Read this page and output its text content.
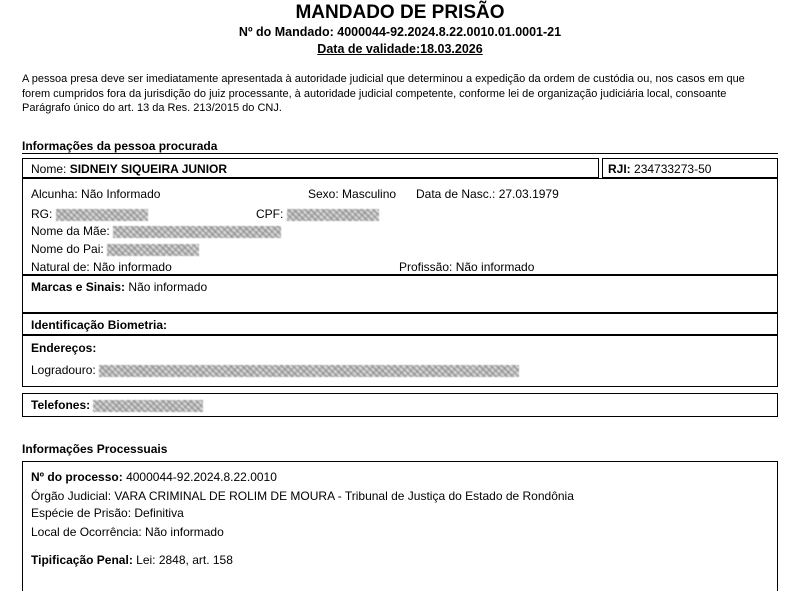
MANDADO DE PRISÃO
Nº do Mandado: 4000044-92.2024.8.22.0010.01.0001-21
Data de validade:18.03.2026
A pessoa presa deve ser imediatamente apresentada à autoridade judicial que determinou a expedição da ordem de custódia ou, nos casos em que forem cumpridos fora da jurisdição do juiz processante, à autoridade judicial competente, conforme lei de organização judiciária local, consoante Parágrafo único do art. 13 da Res. 213/2015 do CNJ.
Informações da pessoa procurada
Nome: SIDNEIY SIQUEIRA JUNIOR	RJI: 234733273-50
Alcunha: Não Informado	Sexo: Masculino Data de Nasc.: 27.03.1979
RG:	CPF:
Nome da Mãe:
Nome do Pai:
Natural de: Não informado	Profissão: Não informado
Marcas e Sinais: Não informado
Identificação Biometria:
Endereços:
Logradouro:
Telefones:
Informações Processuais
Nº do processo: 4000044-92.2024.8.22.0010
Órgão Judicial: VARA CRIMINAL DE ROLIM DE MOURA - Tribunal de Justiça do Estado de Rondônia
Espécie de Prisão: Definitiva
Local de Ocorrência: Não informado
Tipificação Penal: Lei: 2848, art. 158
